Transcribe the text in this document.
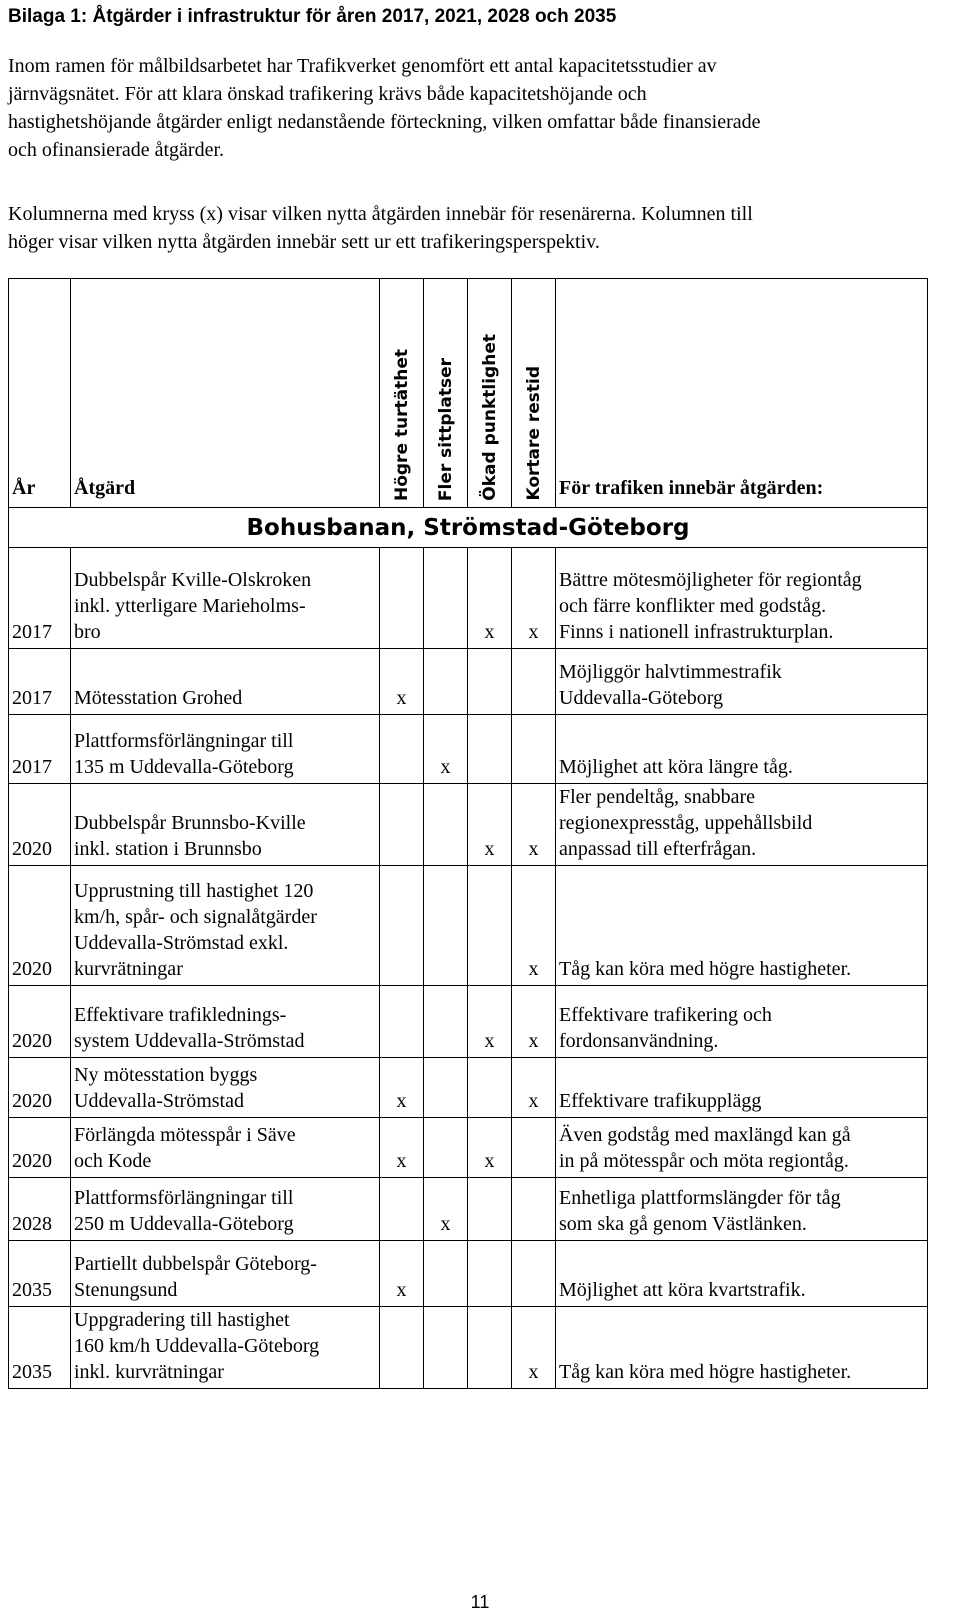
Bilaga 1: Åtgärder i infrastruktur för åren 2017, 2021, 2028 och 2035
Inom ramen för målbildsarbetet har Trafikverket genomfört ett antal kapacitetsstudier av
järnvägsnätet. För att klara önskad trafikering krävs både kapacitetshöjande och
hastighetshöjande åtgärder enligt nedanstående förteckning, vilken omfattar både finansierade
och ofinansierade åtgärder.
Kolumnerna med kryss (x) visar vilken nytta åtgärden innebär för resenärerna. Kolumnen till
höger visar vilken nytta åtgärden innebär sett ur ett trafikeringsperspektiv.
År	Åtgärd	Högre turtäthet	Fler sittplatser	Ökad punktlighet	Kortare restid	För trafiken innebär åtgärden:
Bohusbanan, Strömstad-Göteborg						
2017	Dubbelspår Kville-Olskroken
inkl. ytterligare Marieholms-
bro			x	x	Bättre mötesmöjligheter för regiontåg
och färre konflikter med godståg.
Finns i nationell infrastrukturplan.
2017	Mötesstation Grohed	x				Möjliggör halvtimmestrafik
Uddevalla-Göteborg
2017	Plattformsförlängningar till
135 m Uddevalla-Göteborg		x			Möjlighet att köra längre tåg.
2020	Dubbelspår Brunnsbo-Kville
inkl. station i Brunnsbo			x	x	Fler pendeltåg, snabbare
regionexpresståg, uppehållsbild
anpassad till efterfrågan.
2020	Upprustning till hastighet 120
km/h, spår- och signalåtgärder
Uddevalla-Strömstad exkl.
kurvrätningar				x	Tåg kan köra med högre hastigheter.
2020	Effektivare trafiklednings-
system Uddevalla-Strömstad			x	x	Effektivare trafikering och
fordonsanvändning.
2020	Ny mötesstation byggs
Uddevalla-Strömstad	x			x	Effektivare trafikupplägg
2020	Förlängda mötesspår i Säve
och Kode	x		x		Även godståg med maxlängd kan gå
in på mötesspår och möta regiontåg.
2028	Plattformsförlängningar till
250 m Uddevalla-Göteborg		x			Enhetliga plattformslängder för tåg
som ska gå genom Västlänken.
2035	Partiellt dubbelspår Göteborg-
Stenungsund	x				Möjlighet att köra kvartstrafik.
2035	Uppgradering till hastighet
160 km/h Uddevalla-Göteborg
inkl. kurvrätningar				x	Tåg kan köra med högre hastigheter.
11
